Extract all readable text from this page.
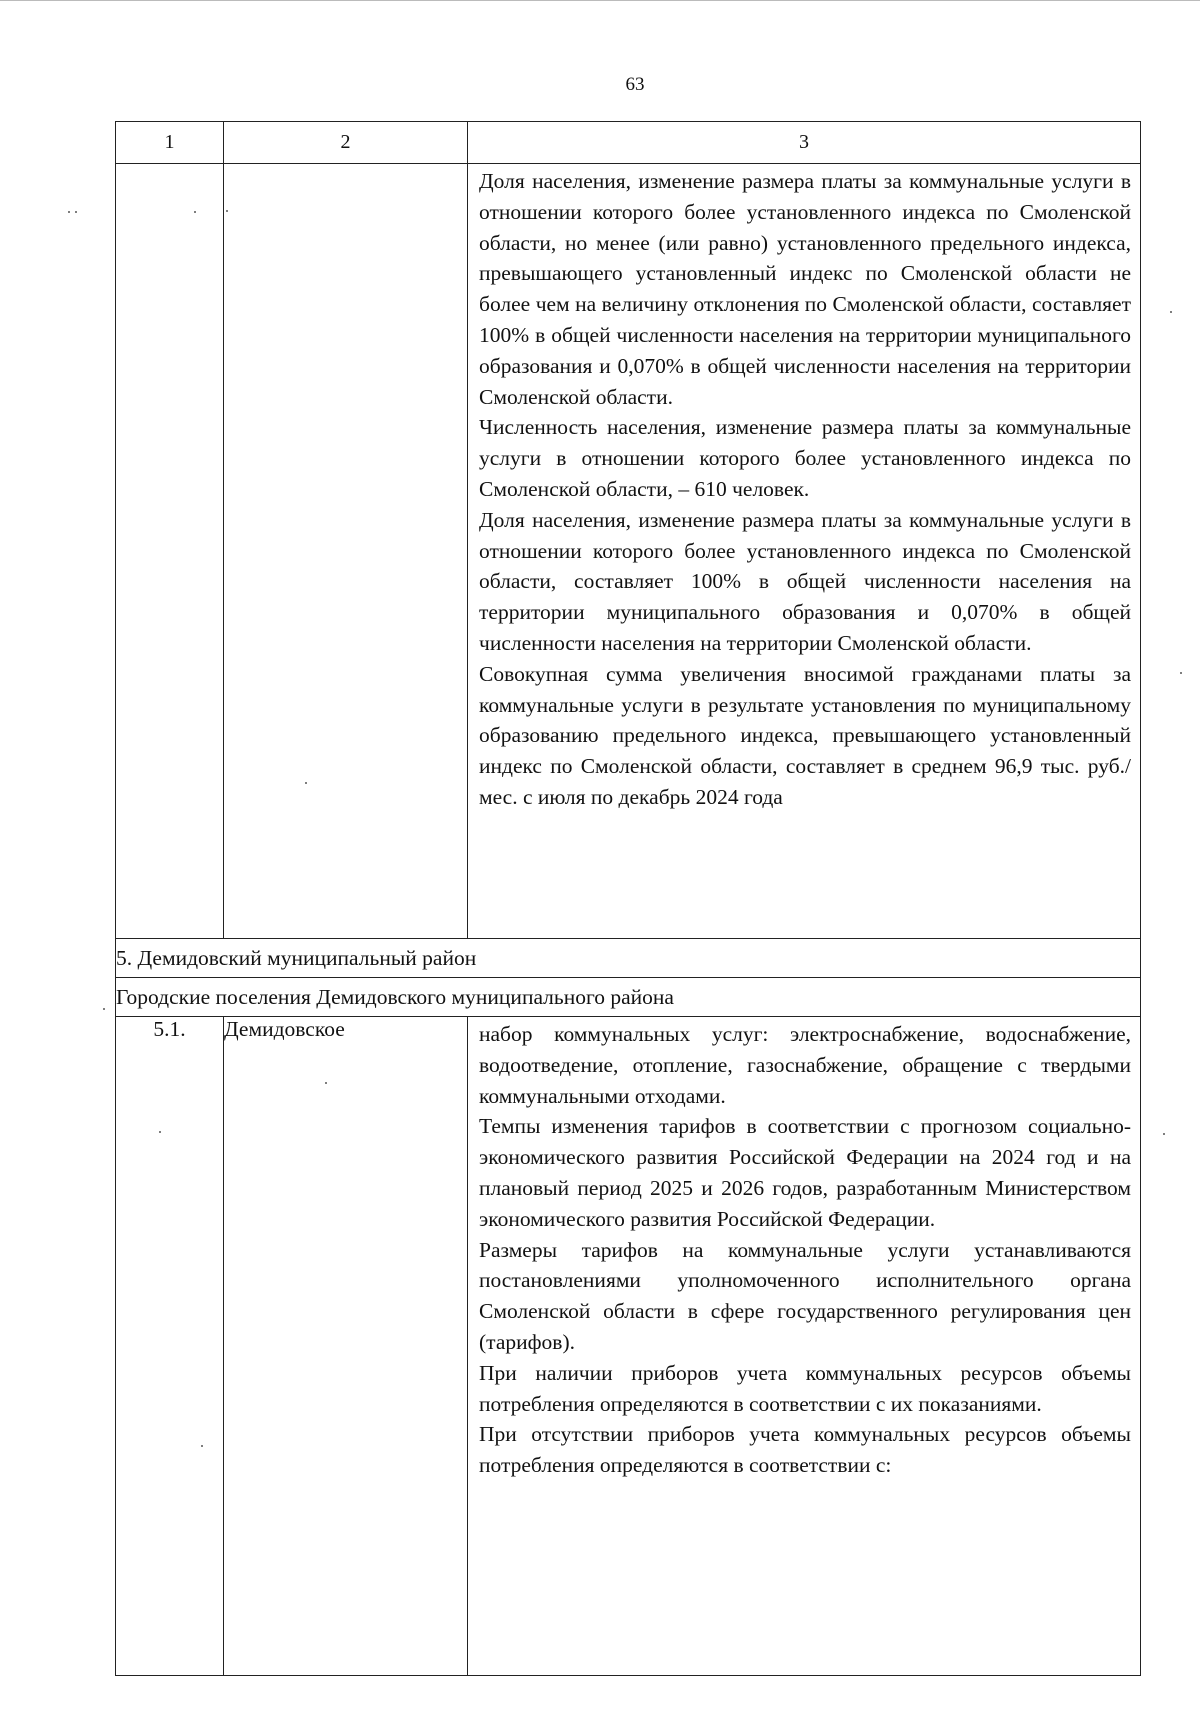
63
1	2	3

		Доля населения, изменение размера платы за коммунальные услуги в отношении которого более установленного индекса по Смоленской области, но менее (или равно) установленного предельного индекса, превышающего установленный индекс по Смоленской области не более чем на величину отклонения по Смоленской области, составляет 100% в общей численности населения на территории муниципального образования и 0,070% в общей численности населения на территории Смоленской области.

Численность населения, изменение размера платы за коммунальные услуги в отношении которого более установленного индекса по Смоленской области, – 610 человек.

Доля населения, изменение размера платы за коммунальные услуги в отношении которого более установленного индекса по Смоленской области, составляет 100% в общей численности населения на территории муниципального образования и 0,070% в общей численности населения на территории Смоленской области.

Совокупная сумма увеличения вносимой гражданами платы за коммунальные услуги в результате установления по муниципальному образованию предельного индекса, превышающего установленный индекс по Смоленской области, составляет в среднем 96,9 тыс. руб./мес. с июля по декабрь 2024 года

5. Демидовский муниципальный район		
Городские поселения Демидовского муниципального района		
5.1.	Демидовское	набор коммунальных услуг: электроснабжение, водоснабжение, водоотведение, отопление, газоснабжение, обращение с твердыми коммунальными отходами.

Темпы изменения тарифов в соответствии с прогнозом социально-экономического развития Российской Федерации на 2024 год и на плановый период 2025 и 2026 годов, разработанным Министерством экономического развития Российской Федерации.

Размеры тарифов на коммунальные услуги устанавливаются постановлениями уполномоченного исполнительного органа Смоленской области в сфере государственного регулирования цен (тарифов).

При наличии приборов учета коммунальных ресурсов объемы потребления определяются в соответствии с их показаниями.

При отсутствии приборов учета коммунальных ресурсов объемы потребления определяются в соответствии с:
